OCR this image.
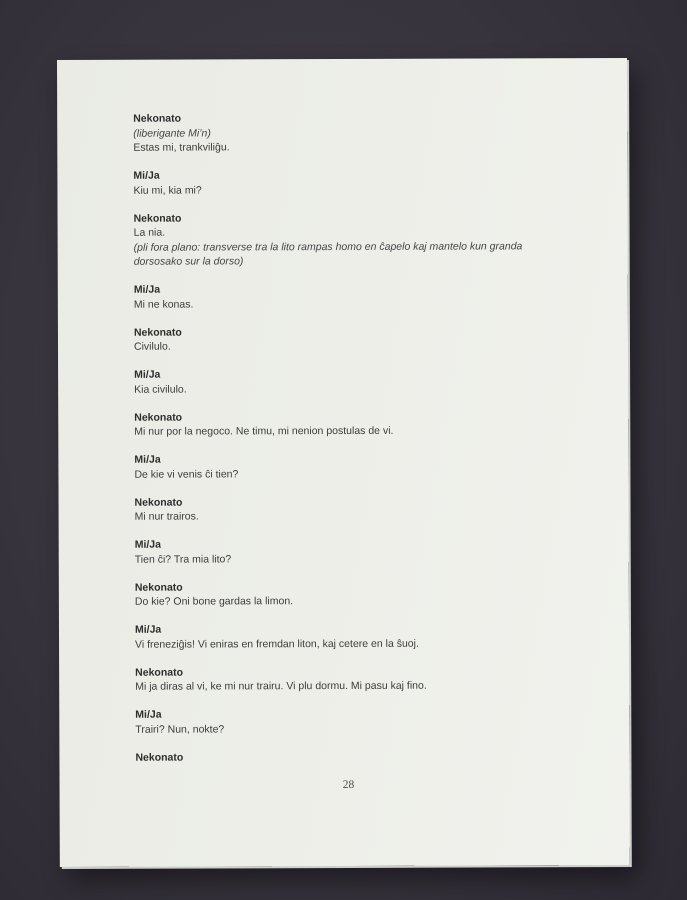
Nekonato
(liberigante Mi’n)
Estas mi, trankviliĝu.
Mi/Ja
Kiu mi, kia mi?
Nekonato
La nia.
(pli fora plano: transverse tra la lito rampas homo en ĉapelo kaj mantelo kun granda
dorsosako sur la dorso)
Mi/Ja
Mi ne konas.
Nekonato
Civilulo.
Mi/Ja
Kia civilulo.
Nekonato
Mi nur por la negoco. Ne timu, mi nenion postulas de vi.
Mi/Ja
De kie vi venis ĉi tien?
Nekonato
Mi nur trairos.
Mi/Ja
Tien ĉi? Tra mia lito?
Nekonato
Do kie? Oni bone gardas la limon.
Mi/Ja
Vi freneziĝis! Vi eniras en fremdan liton, kaj cetere en la ŝuoj.
Nekonato
Mi ja diras al vi, ke mi nur trairu. Vi plu dormu. Mi pasu kaj fino.
Mi/Ja
Trairi? Nun, nokte?
Nekonato
28
